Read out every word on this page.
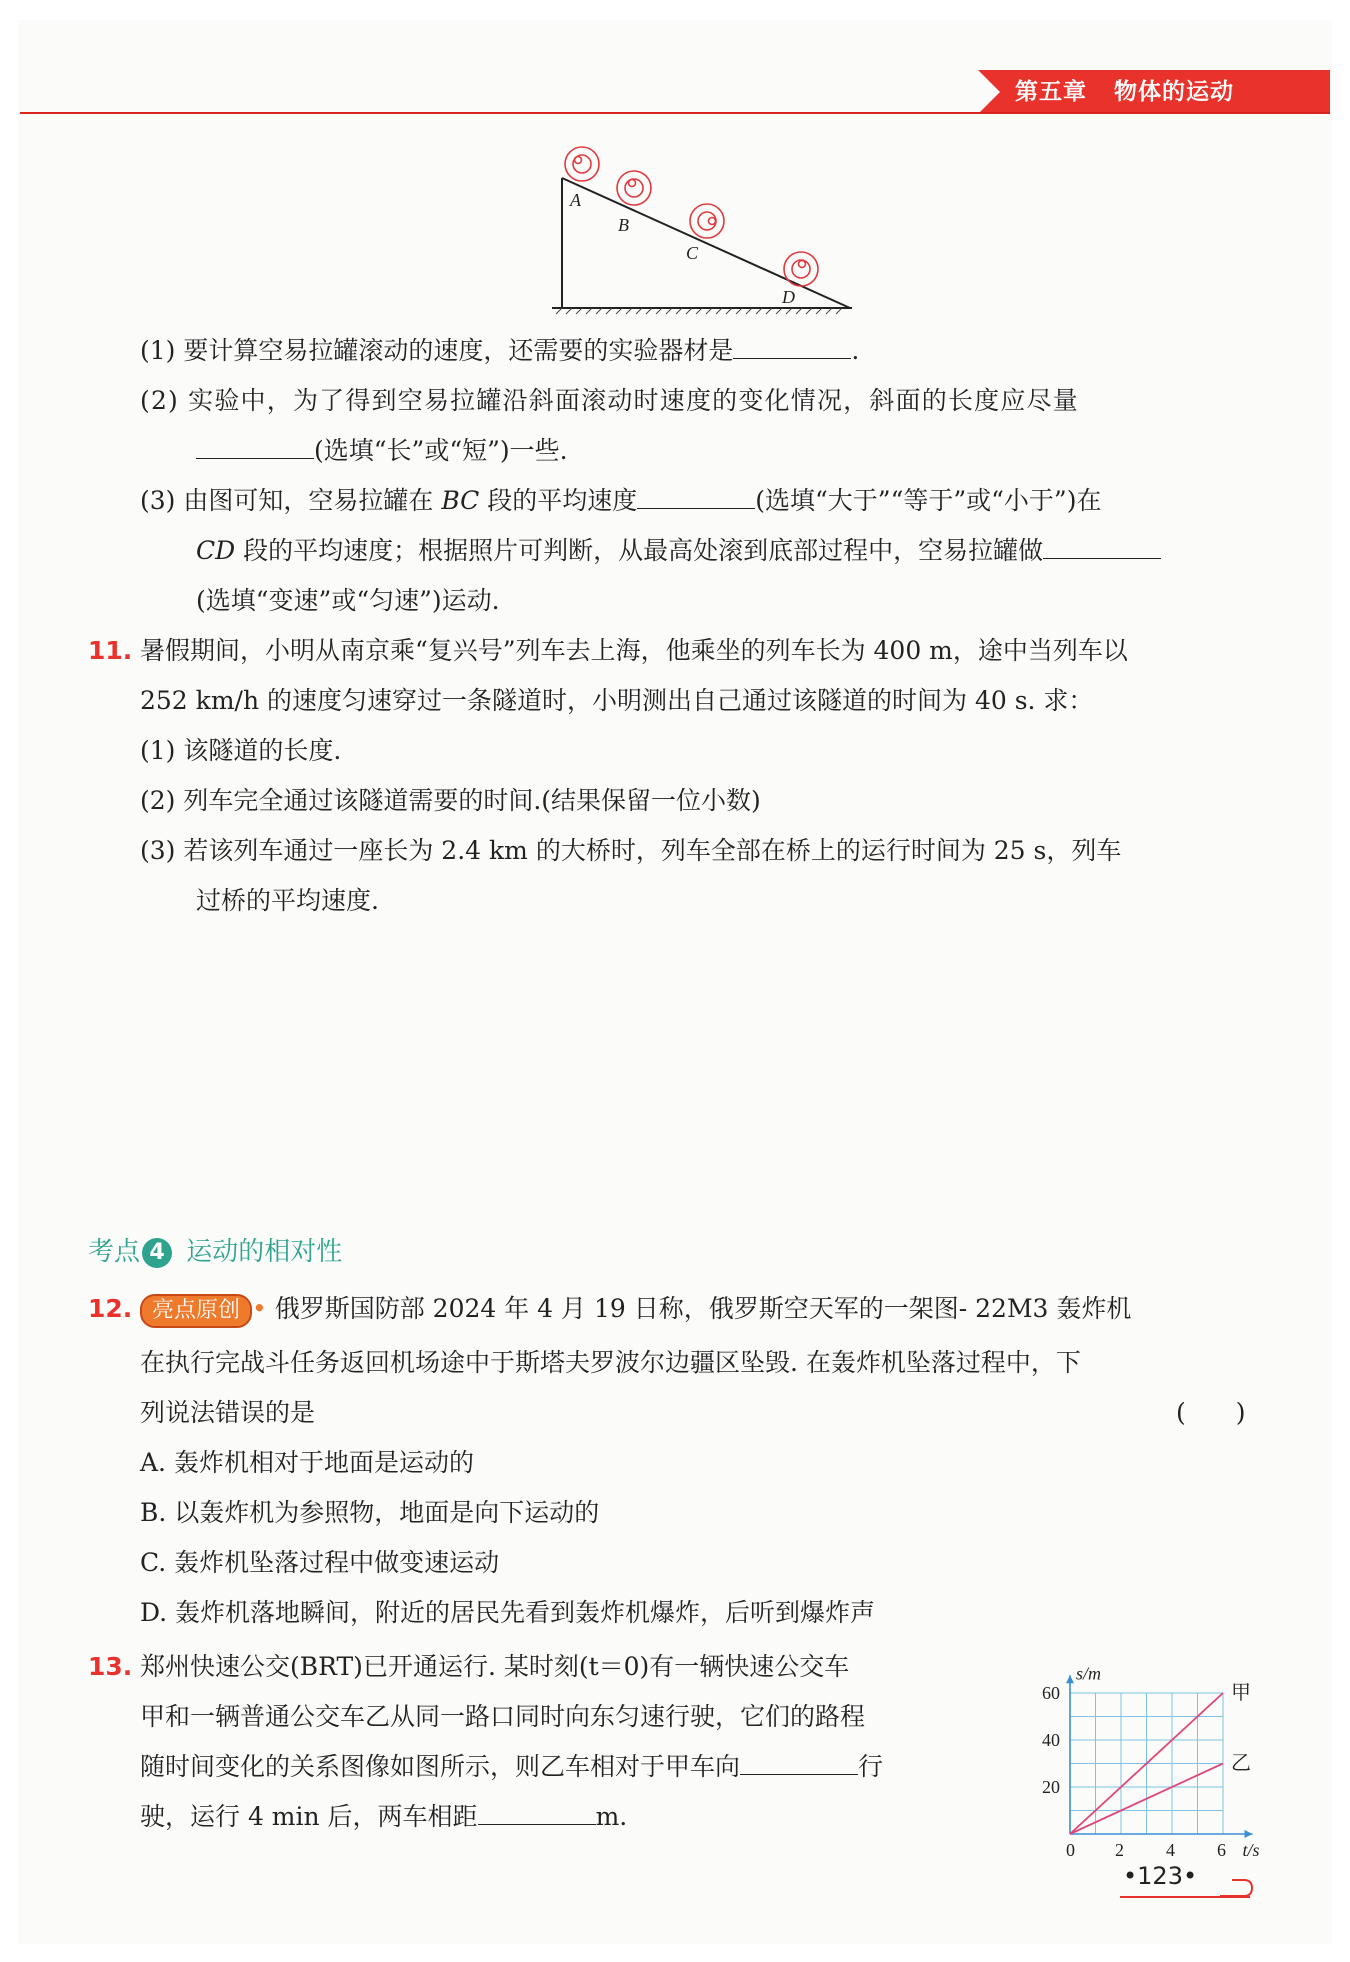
第五章 物体的运动
A
B
C
D
(1) 要计算空易拉罐滚动的速度，还需要的实验器材是	.
(2) 实验中，为了得到空易拉罐沿斜面滚动时速度的变化情况，斜面的长度应尽量
(选填“长”或“短”)一些.
(3) 由图可知，空易拉罐在 BC 段的平均速度	(选填“大于”“等于”或“小于”)在
CD 段的平均速度；根据照片可判断，从最高处滚到底部过程中，空易拉罐做
(选填“变速”或“匀速”)运动.
11. 暑假期间，小明从南京乘“复兴号”列车去上海，他乘坐的列车长为 400 m，途中当列车以
252 km/h 的速度匀速穿过一条隧道时，小明测出自己通过该隧道的时间为 40 s. 求：
(1) 该隧道的长度.
(2) 列车完全通过该隧道需要的时间.(结果保留一位小数)
(3) 若该列车通过一座长为 2.4 km 的大桥时，列车全部在桥上的运行时间为 25 s，列车
过桥的平均速度.
考点 4 运动的相对性
12. 亮点原创 • 俄罗斯国防部 2024 年 4 月 19 日称，俄罗斯空天军的一架图- 22M3 轰炸机
在执行完战斗任务返回机场途中于斯塔夫罗波尔边疆区坠毁. 在轰炸机坠落过程中，下
列说法错误的是	(　　)
A. 轰炸机相对于地面是运动的
B. 以轰炸机为参照物，地面是向下运动的
C. 轰炸机坠落过程中做变速运动
D. 轰炸机落地瞬间，附近的居民先看到轰炸机爆炸，后听到爆炸声
13. 郑州快速公交(BRT)已开通运行. 某时刻(t＝0)有一辆快速公交车
甲和一辆普通公交车乙从同一路口同时向东匀速行驶，它们的路程
随时间变化的关系图像如图所示，则乙车相对于甲车向	行
驶，运行 4 min 后，两车相距	m.
甲
乙
0 2 4 6
20
40
60
t/s
s/m
•123•
